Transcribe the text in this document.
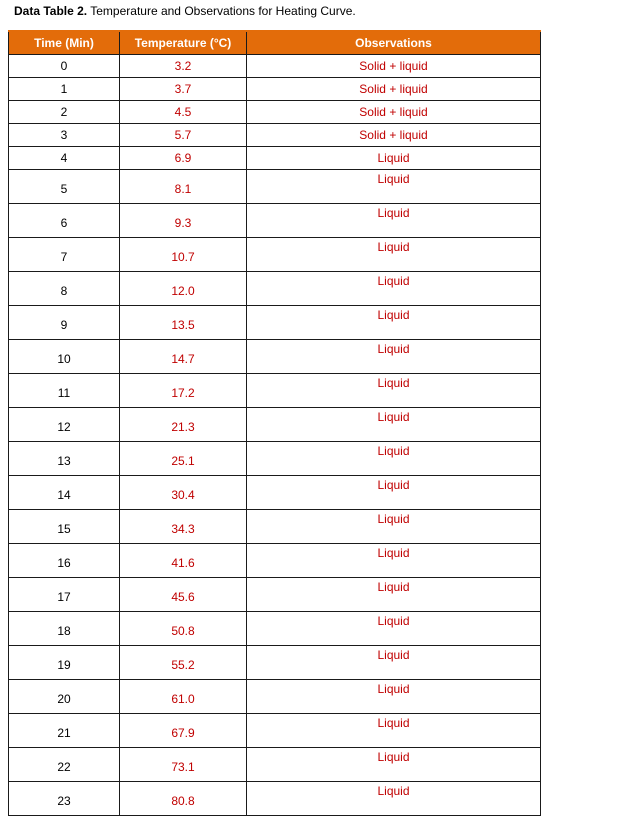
Data Table 2. Temperature and Observations for Heating Curve.
Time (Min)	Temperature (°C)	Observations
0	3.2	Solid + liquid
1	3.7	Solid + liquid
2	4.5	Solid + liquid
3	5.7	Solid + liquid
4	6.9	Liquid
5	8.1	Liquid
6	9.3	Liquid
7	10.7	Liquid
8	12.0	Liquid
9	13.5	Liquid
10	14.7	Liquid
11	17.2	Liquid
12	21.3	Liquid
13	25.1	Liquid
14	30.4	Liquid
15	34.3	Liquid
16	41.6	Liquid
17	45.6	Liquid
18	50.8	Liquid
19	55.2	Liquid
20	61.0	Liquid
21	67.9	Liquid
22	73.1	Liquid
23	80.8	Liquid
